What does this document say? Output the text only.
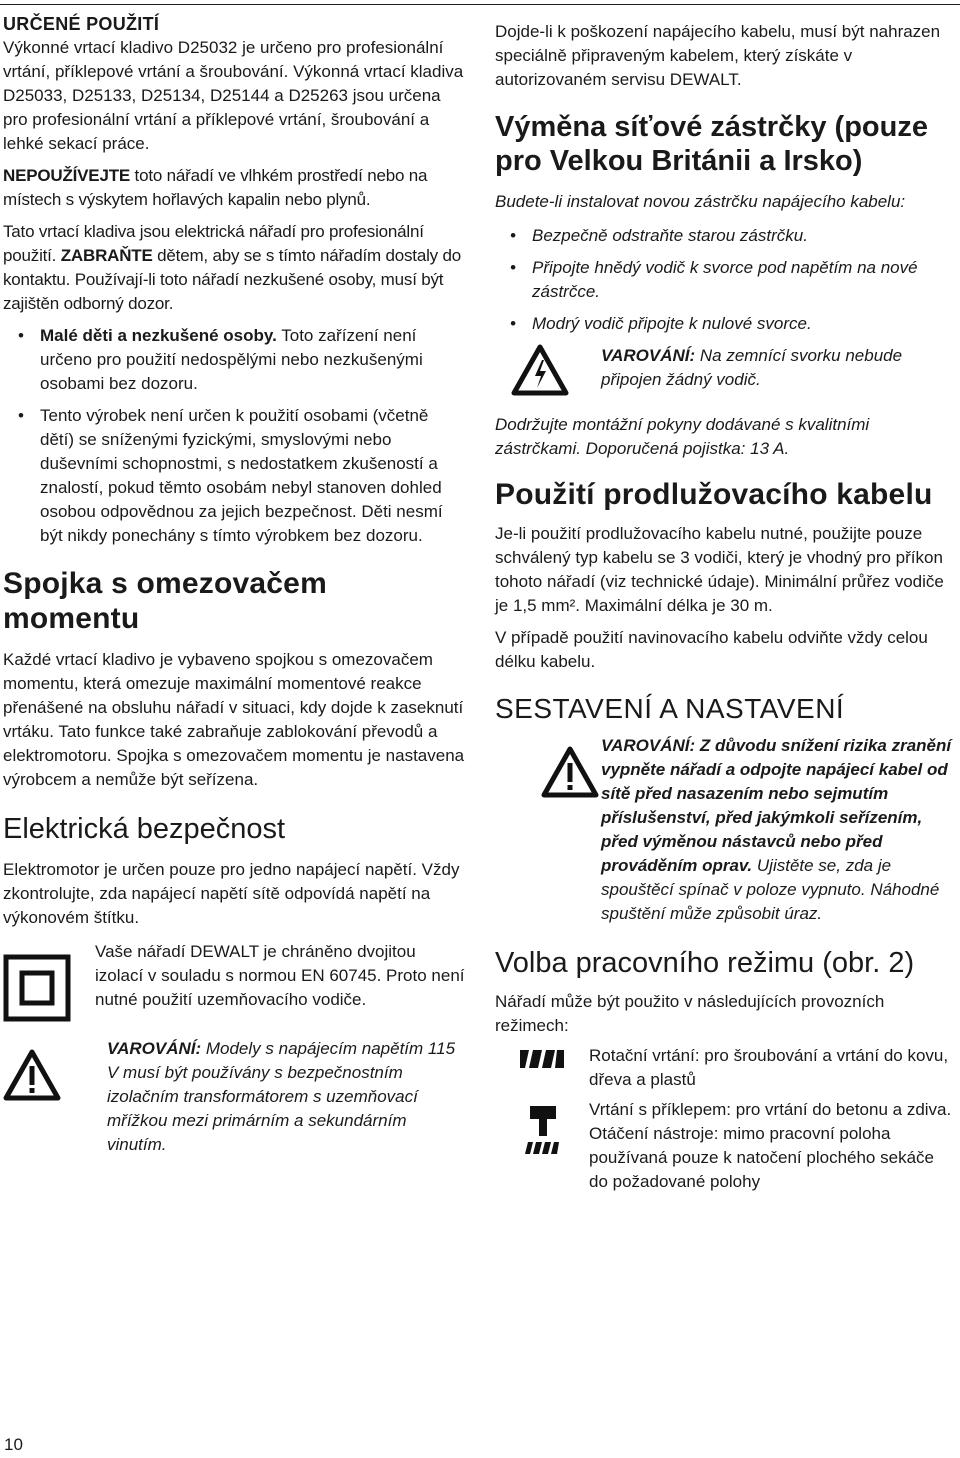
URČENÉ POUŽITÍ

Výkonné vrtací kladivo D25032 je určeno pro profesionální vrtání, příklepové vrtání a šroubování. Výkonná vrtací kladiva D25033, D25133, D25134, D25144 a D25263 jsou určena pro profesionální vrtání a příklepové vrtání, šroubování a lehké sekací práce.

NEPOUŽÍVEJTE toto nářadí ve vlhkém prostředí nebo na místech s výskytem hořlavých kapalin nebo plynů.

Tato vrtací kladiva jsou elektrická nářadí pro profesionální použití. ZABRAŇTE dětem, aby se s tímto nářadím dostaly do kontaktu. Používají-li toto nářadí nezkušené osoby, musí být zajištěn odborný dozor.

• Malé děti a nezkušené osoby. Toto zařízení není určeno pro použití nedospělými nebo nezkušenými osobami bez dozoru.
• Tento výrobek není určen k použití osobami (včetně dětí) se sníženými fyzickými, smyslovými nebo duševními schopnostmi, s nedostatkem zkušeností a znalostí, pokud těmto osobám nebyl stanoven dohled osobou odpovědnou za jejich bezpečnost. Děti nesmí být nikdy ponechány s tímto výrobkem bez dozoru.
Spojka s omezovačem momentu

Každé vrtací kladivo je vybaveno spojkou s omezovačem momentu, která omezuje maximální momentové reakce přenášené na obsluhu nářadí v situaci, kdy dojde k zaseknutí vrtáku. Tato funkce také zabraňuje zablokování převodů a elektromotoru. Spojka s omezovačem momentu je nastavena výrobcem a nemůže být seřízena.

Elektrická bezpečnost

Elektromotor je určen pouze pro jedno napájecí napětí. Vždy zkontrolujte, zda napájecí napětí sítě odpovídá napětí na výkonovém štítku.

Vaše nářadí DEWALT je chráněno dvojitou izolací v souladu s normou EN 60745. Proto není nutné použití uzemňovacího vodiče.

VAROVÁNÍ: Modely s napájecím napětím 115 V musí být používány s bezpečnostním izolačním transformátorem s uzemňovací mřížkou mezi primárním a sekundárním vinutím.

Dojde-li k poškození napájecího kabelu, musí být nahrazen speciálně připraveným kabelem, který získáte v autorizovaném servisu DEWALT.

Výměna síťové zástrčky (pouze pro Velkou Británii a Irsko)

Budete-li instalovat novou zástrčku napájecího kabelu:

• Bezpečně odstraňte starou zástrčku.
• Připojte hnědý vodič k svorce pod napětím na nové zástrčce.
• Modrý vodič připojte k nulové svorce.

VAROVÁNÍ: Na zemnící svorku nebude připojen žádný vodič.

Dodržujte montážní pokyny dodávané s kvalitními zástrčkami. Doporučená pojistka: 13 A.

Použití prodlužovacího kabelu

Je-li použití prodlužovacího kabelu nutné, použijte pouze schválený typ kabelu se 3 vodiči, který je vhodný pro příkon tohoto nářadí (viz technické údaje). Minimální průřez vodiče je 1,5 mm². Maximální délka je 30 m.

V případě použití navinovacího kabelu odviňte vždy celou délku kabelu.

SESTAVENÍ A NASTAVENÍ

VAROVÁNÍ: Z důvodu snížení rizika zranění vypněte nářadí a odpojte napájecí kabel od sítě před nasazením nebo sejmutím příslušenství, před jakýmkoli seřízením, před výměnou nástavců nebo před prováděním oprav. Ujistěte se, zda je spouštěcí spínač v poloze vypnuto. Náhodné spuštění může způsobit úraz.

Volba pracovního režimu (obr. 2)

Nářadí může být použito v následujících provozních režimech:

Rotační vrtání: pro šroubování a vrtání do kovu, dřeva a plastů

Vrtání s příklepem: pro vrtání do betonu a zdiva.

Otáčení nástroje: mimo pracovní poloha používaná pouze k natočení plochého sekáče do požadované polohy

10
